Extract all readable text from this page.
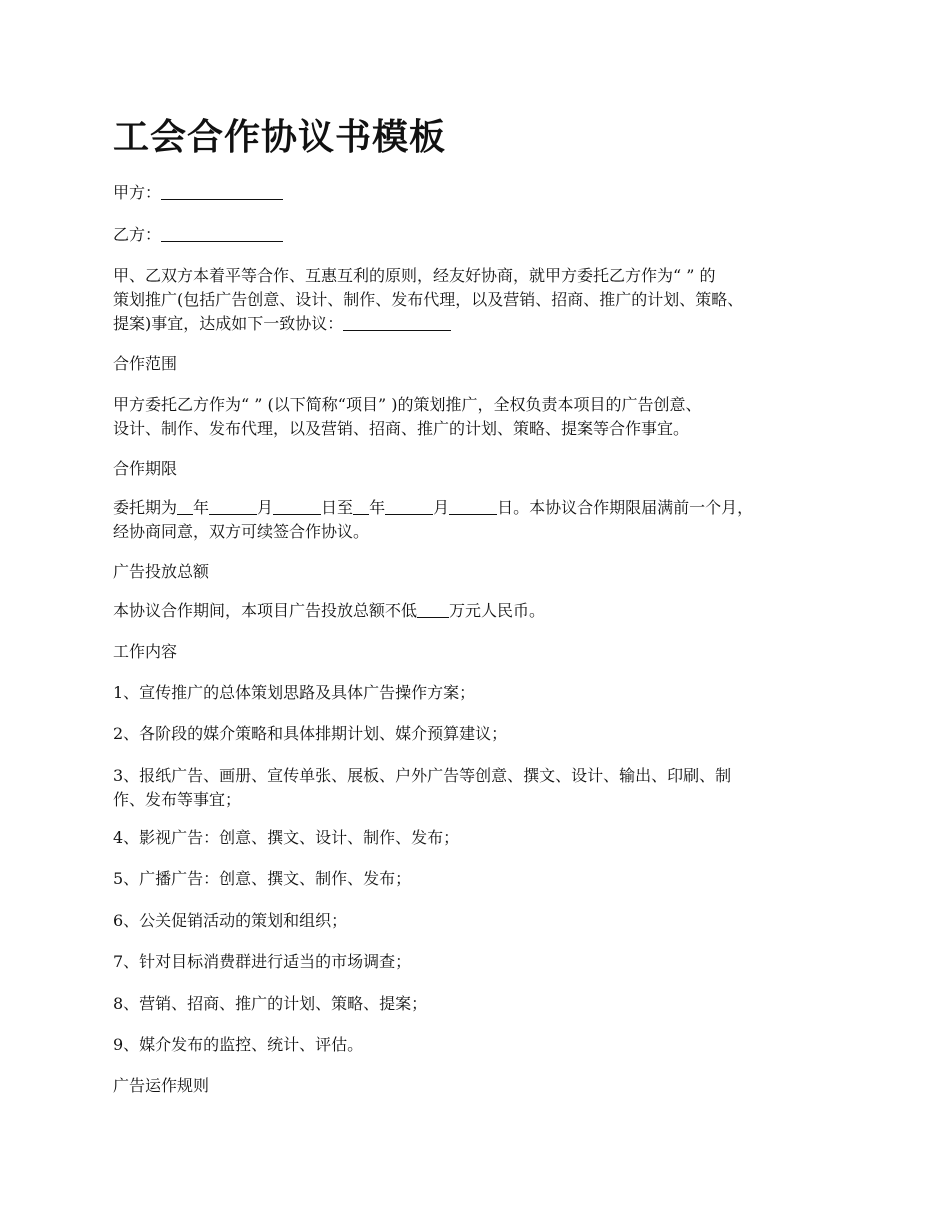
工会合作协议书模板

甲方：

乙方：

甲、乙双方本着平等合作、互惠互利的原则，经友好协商，就甲方委托乙方作为“ ” 的

策划推广(包括广告创意、设计、制作、发布代理，以及营销、招商、推广的计划、策略、

提案)事宜，达成如下一致协议：

合作范围

甲方委托乙方作为“ ” (以下简称“项目” )的策划推广，全权负责本项目的广告创意、

设计、制作、发布代理，以及营销、招商、推广的计划、策略、提案等合作事宜。

合作期限

委托期为 年	月	日至 年	月	日。本协议合作期限届满前一个月，

经协商同意，双方可续签合作协议。

广告投放总额

本协议合作期间，本项目广告投放总额不低 万元人民币。

工作内容

1、宣传推广的总体策划思路及具体广告操作方案；

2、各阶段的媒介策略和具体排期计划、媒介预算建议；

3、报纸广告、画册、宣传单张、展板、户外广告等创意、撰文、设计、输出、印刷、制

作、发布等事宜；

4、影视广告：创意、撰文、设计、制作、发布；

5、广播广告：创意、撰文、制作、发布；

6、公关促销活动的策划和组织；

7、针对目标消费群进行适当的市场调查；

8、营销、招商、推广的计划、策略、提案；

9、媒介发布的监控、统计、评估。

广告运作规则
